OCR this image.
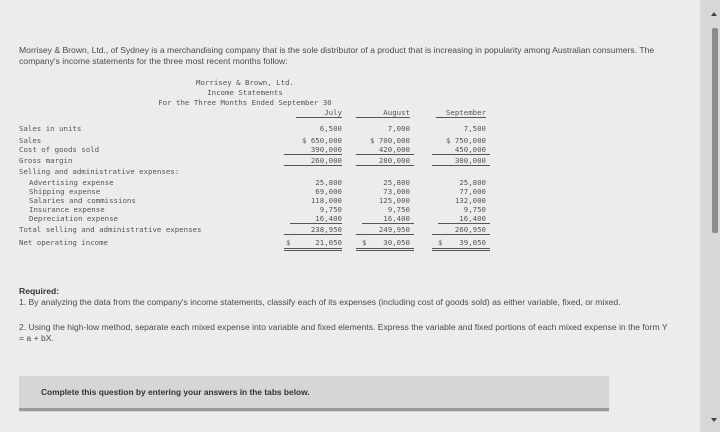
Morrisey & Brown, Ltd., of Sydney is a merchandising company that is the sole distributor of a product that is increasing in popularity among Australian consumers. The company's income statements for the three most recent months follow:
Morrisey & Brown, Ltd.
Income Statements
For the Three Months Ended September 30
July	August	September
Sales in units	6,500	7,000	7,500
Sales	$ 650,000	$ 700,000	$ 750,000
Cost of goods sold	390,000	420,000	450,000
Gross margin	260,000	280,000	300,000
Selling and administrative expenses:
Advertising expense	25,800	25,800	25,800
Shipping expense	69,000	73,000	77,000
Salaries and commissions	118,000	125,000	132,000
Insurance expense	9,750	9,750	9,750
Depreciation expense	16,400	16,400	16,400
Total selling and administrative expenses	238,950	249,950	260,950
Net operating income	$	21,050	$	30,050	$	39,050
Required:
1. By analyzing the data from the company's income statements, classify each of its expenses (including cost of goods sold) as either variable, fixed, or mixed.
2. Using the high-low method, separate each mixed expense into variable and fixed elements. Express the variable and fixed portions of each mixed expense in the form Y = a + bX.
Complete this question by entering your answers in the tabs below.
